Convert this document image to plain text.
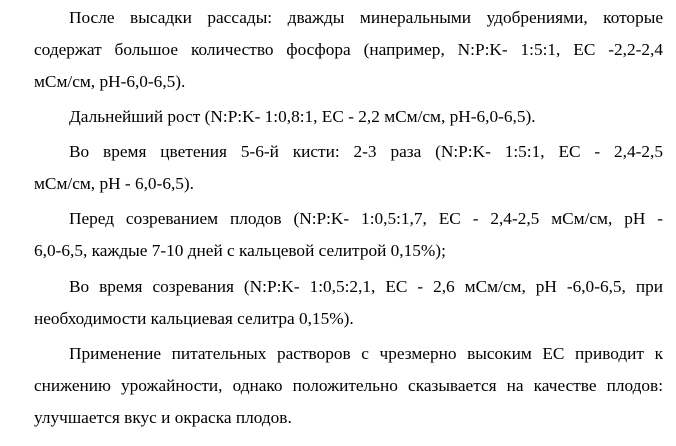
После высадки рассады: дважды минеральными удобрениями, которые
содержат большое количество фосфора (например, N:P:K- 1:5:1, EC -2,2-2,4
мСм/см, pH-6,0-6,5).
Дальнейший рост (N:P:K- 1:0,8:1, EC - 2,2 мСм/см, pH-6,0-6,5).
Во время цветения 5-6-й кисти: 2-3 раза (N:P:K- 1:5:1, EC - 2,4-2,5
мСм/см, pH - 6,0-6,5).
Перед созреванием плодов (N:P:K- 1:0,5:1,7, EC - 2,4-2,5 мСм/см, pH -
6,0-6,5, каждые 7-10 дней с кальцевой селитрой 0,15%);
Во время созревания (N:P:K- 1:0,5:2,1, EC - 2,6 мСм/см, pH -6,0-6,5, при
необходимости кальциевая селитра 0,15%).
Применение питательных растворов с чрезмерно высоким EC приводит к
снижению урожайности, однако положительно сказывается на качестве плодов:
улучшается вкус и окраска плодов.
